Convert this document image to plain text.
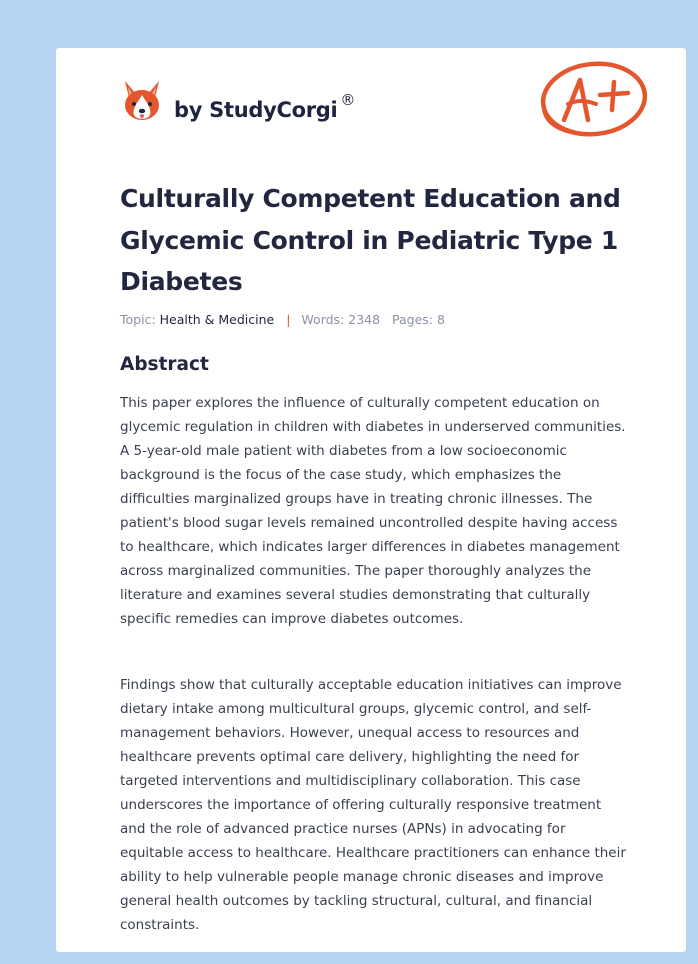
by StudyCorgi ®
Culturally Competent Education and Glycemic Control in Pediatric Type 1 Diabetes
Topic: Health & Medicine | Words: 2348 Pages: 8
Abstract

This paper explores the influence of culturally competent education on glycemic regulation in children with diabetes in underserved communities. A 5-year-old male patient with diabetes from a low socioeconomic background is the focus of the case study, which emphasizes the difficulties marginalized groups have in treating chronic illnesses. The patient's blood sugar levels remained uncontrolled despite having access to healthcare, which indicates larger differences in diabetes management across marginalized communities. The paper thoroughly analyzes the literature and examines several studies demonstrating that culturally specific remedies can improve diabetes outcomes.

Findings show that culturally acceptable education initiatives can improve dietary intake among multicultural groups, glycemic control, and self-management behaviors. However, unequal access to resources and healthcare prevents optimal care delivery, highlighting the need for targeted interventions and multidisciplinary collaboration. This case underscores the importance of offering culturally responsive treatment and the role of advanced practice nurses (APNs) in advocating for equitable access to healthcare. Healthcare practitioners can enhance their ability to help vulnerable people manage chronic diseases and improve general health outcomes by tackling structural, cultural, and financial constraints.
